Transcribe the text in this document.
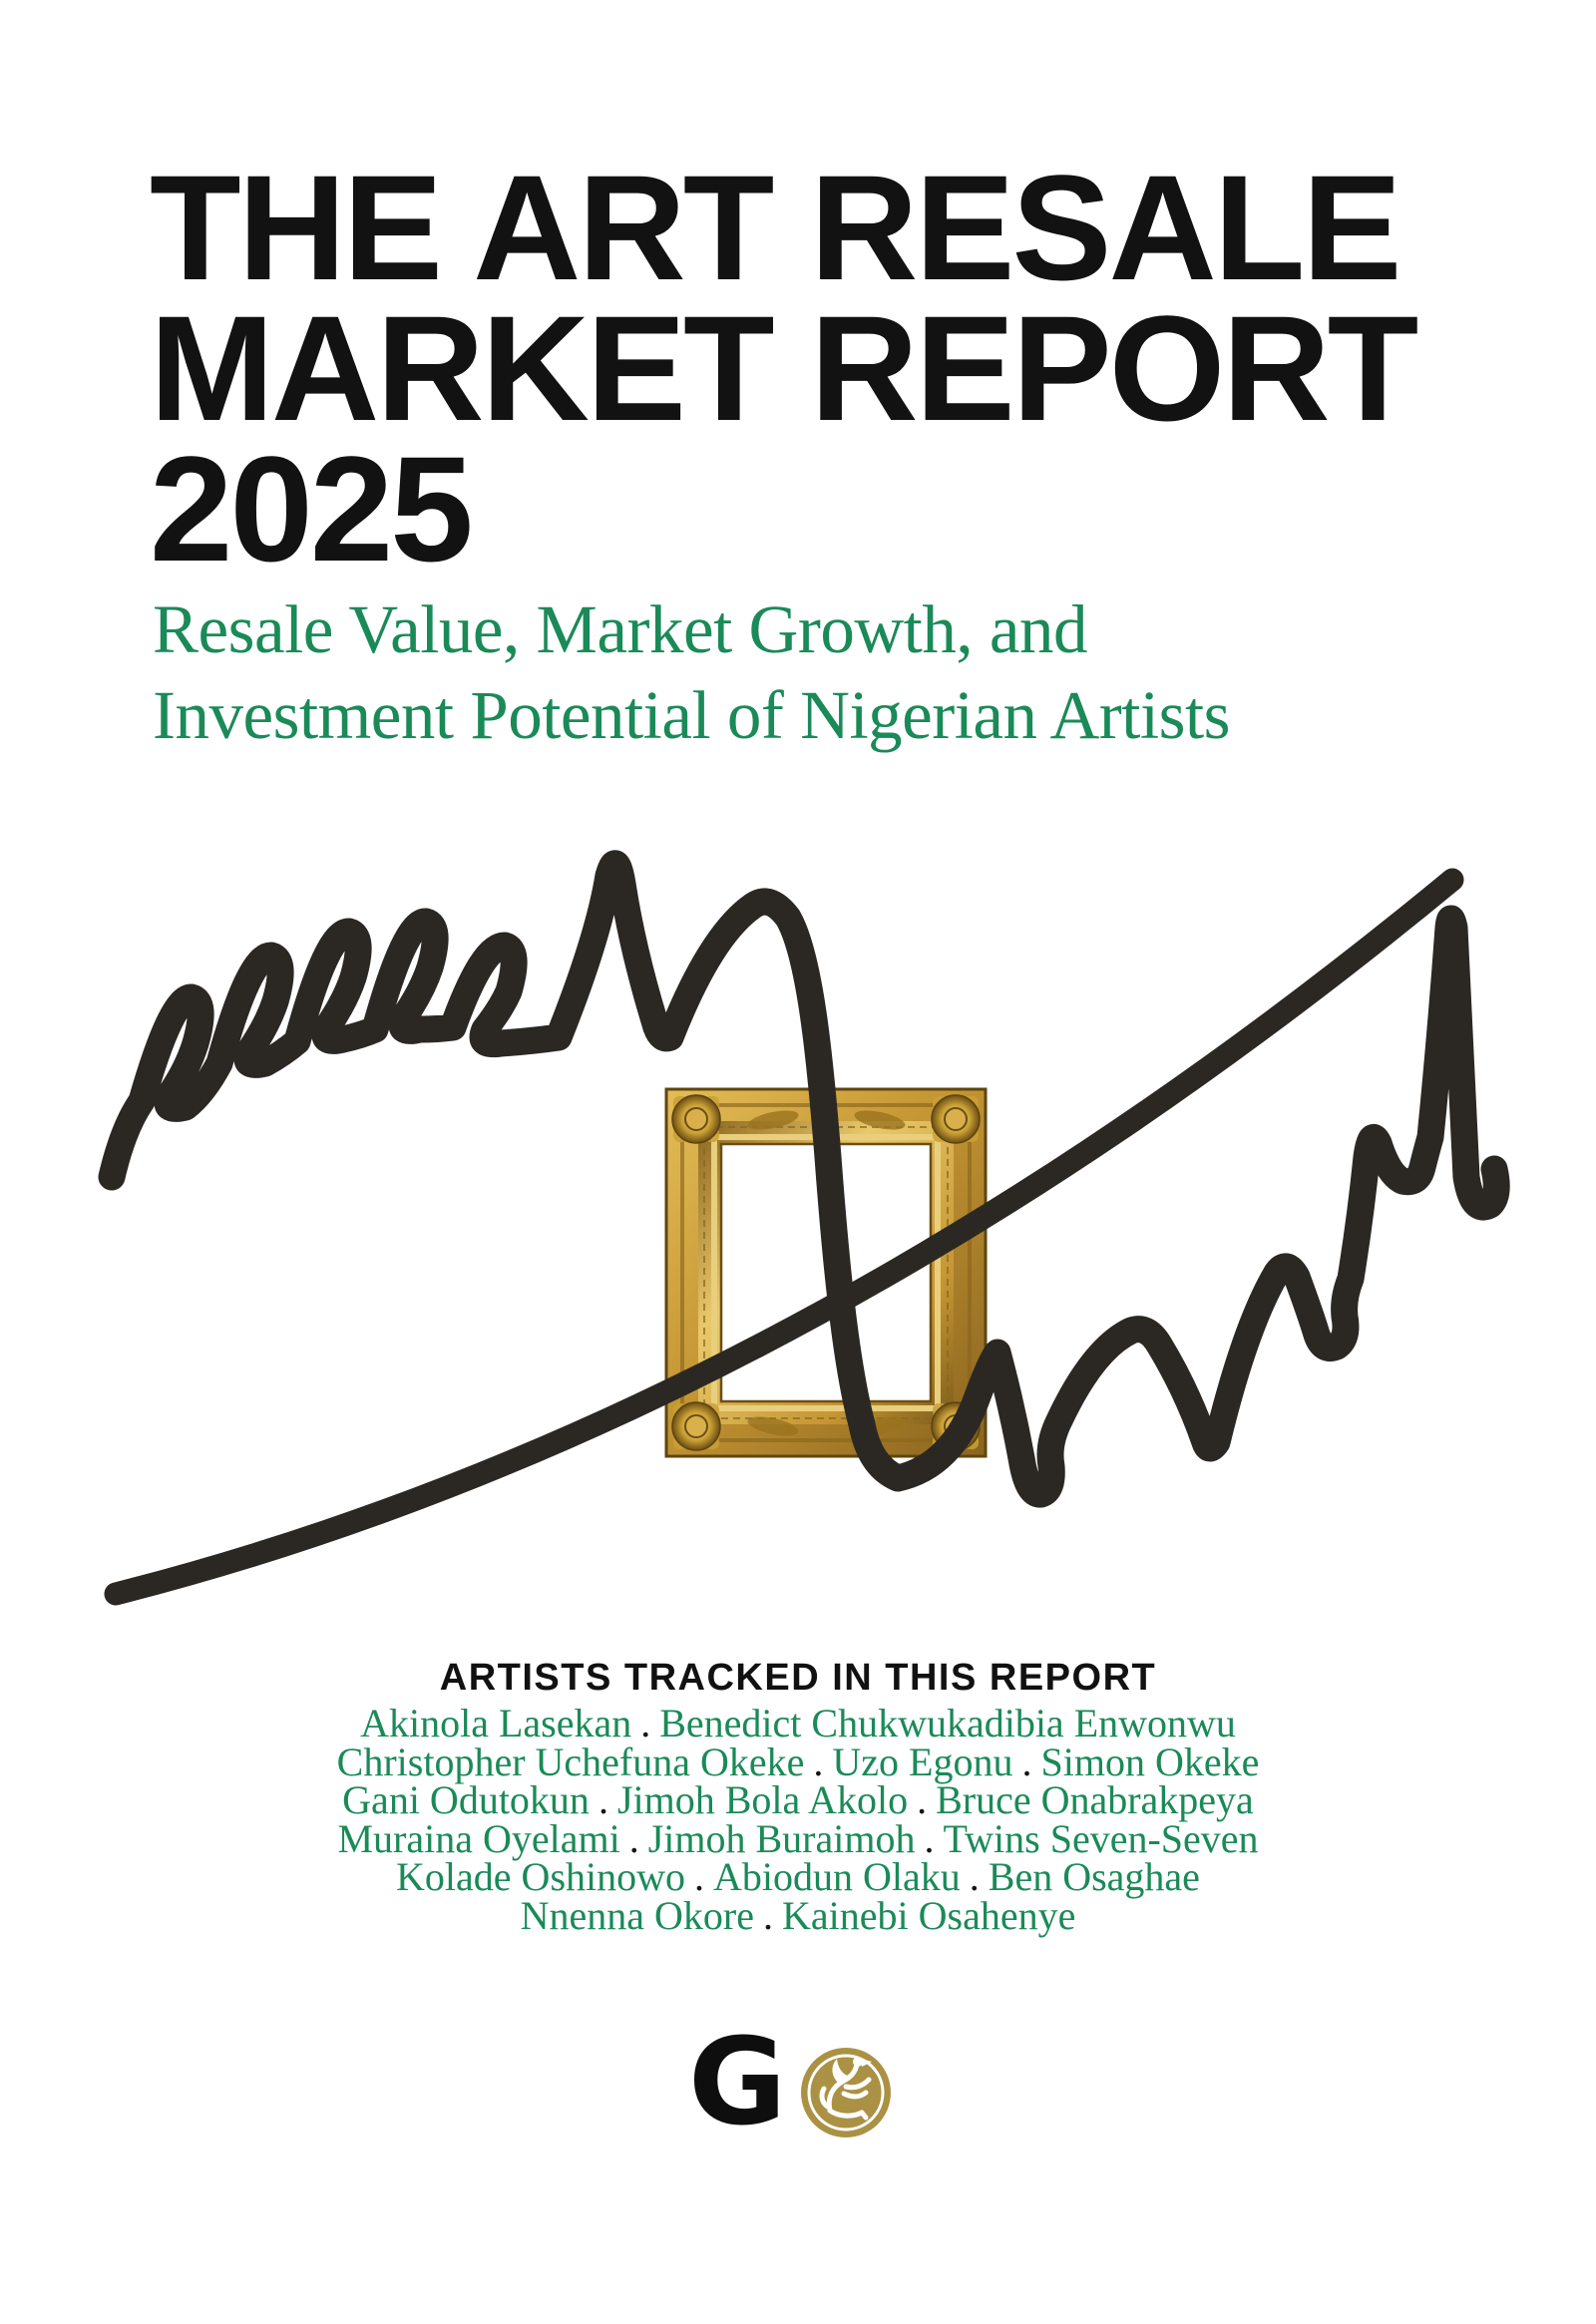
THE ART RESALE
MARKET REPORT
2025
Resale Value, Market Growth, and
Investment Potential of Nigerian Artists
ARTISTS TRACKED IN THIS REPORT
Akinola Lasekan . Benedict Chukwukadibia Enwonwu
Christopher Uchefuna Okeke . Uzo Egonu . Simon Okeke
Gani Odutokun . Jimoh Bola Akolo . Bruce Onabrakpeya
Muraina Oyelami . Jimoh Buraimoh . Twins Seven-Seven
Kolade Oshinowo . Abiodun Olaku . Ben Osaghae
Nnenna Okore . Kainebi Osahenye
G
